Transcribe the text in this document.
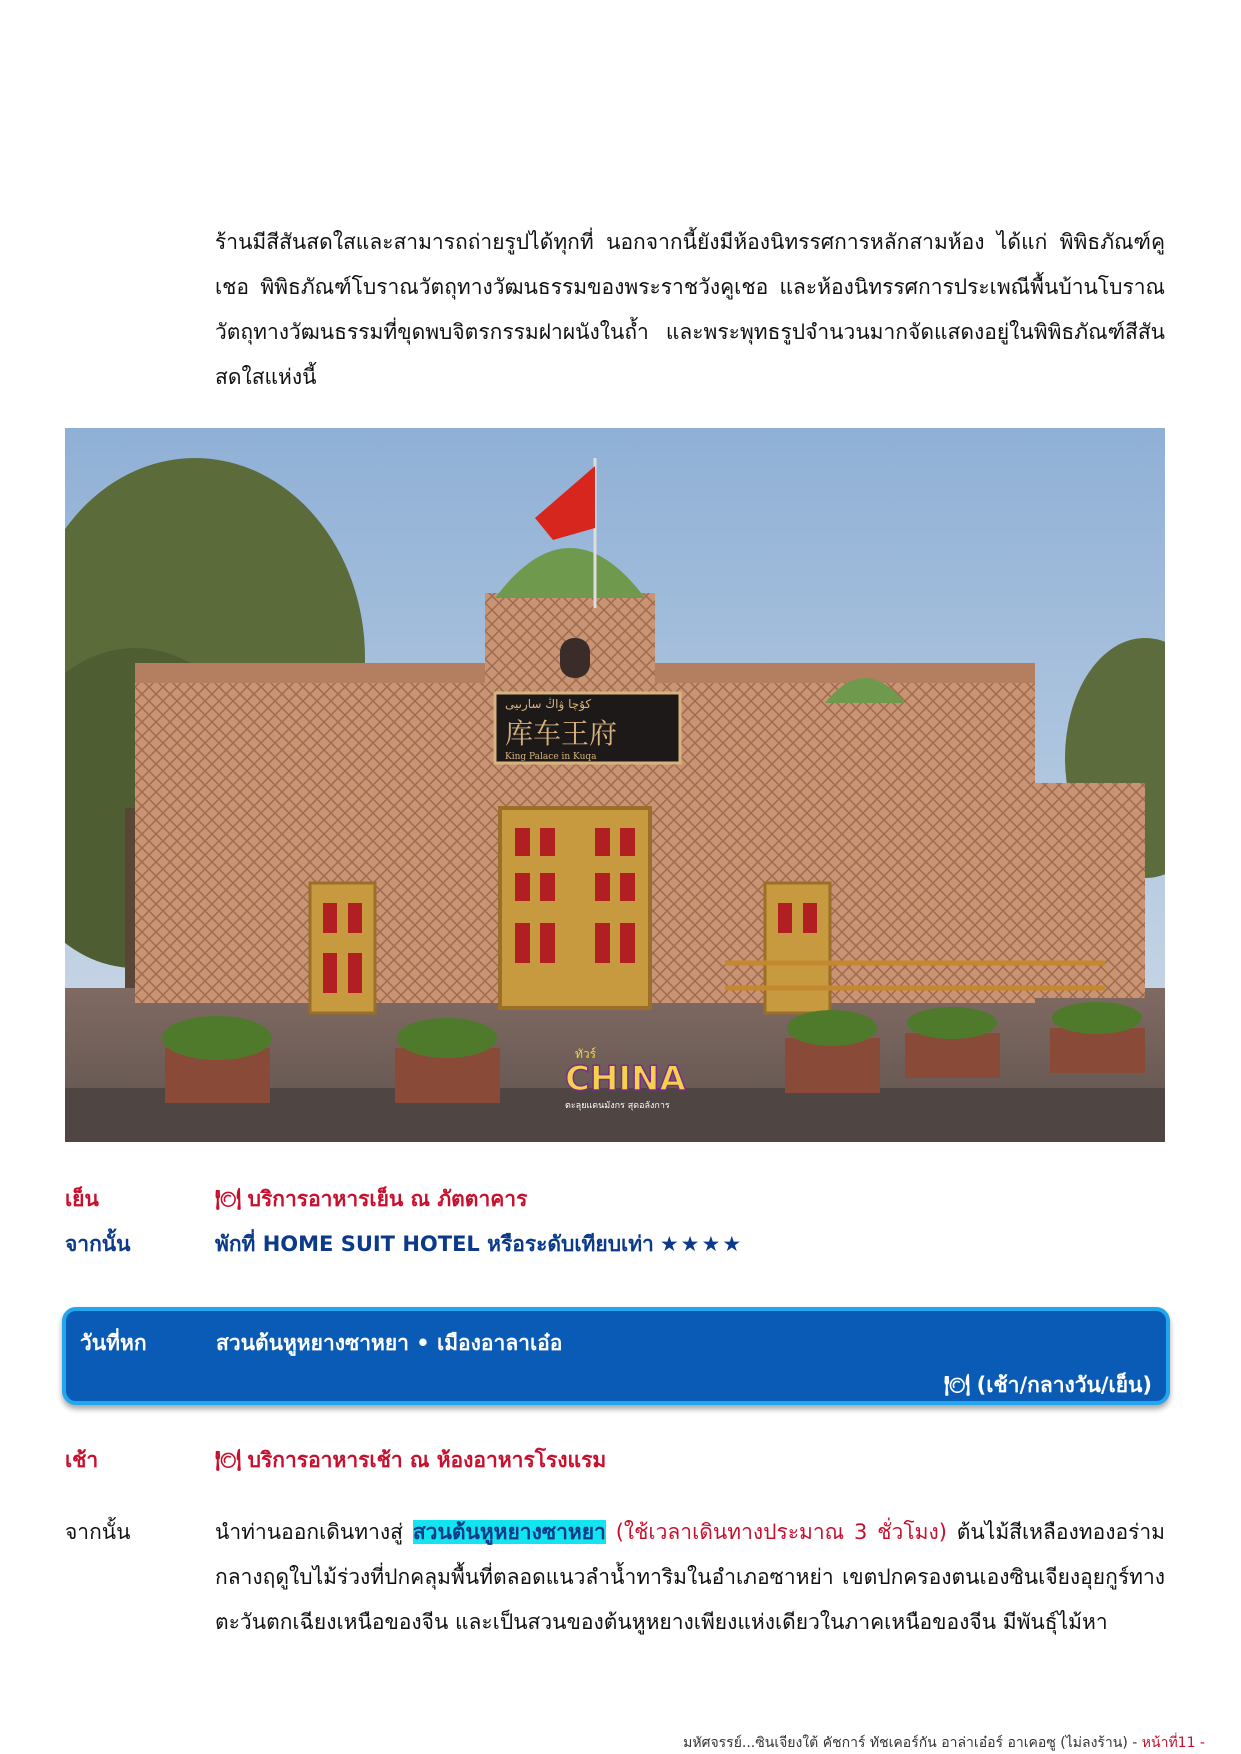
ร้านมีสีสันสดใสและสามารถถ่ายรูปได้ทุกที่ นอกจากนี้ยังมีห้องนิทรรศการหลักสามห้อง ได้แก่ พิพิธภัณฑ์คูเชอ พิพิธภัณฑ์โบราณวัตถุทางวัฒนธรรมของพระราชวังคูเชอ และห้องนิทรรศการประเพณีพื้นบ้านโบราณวัตถุทางวัฒนธรรมที่ขุดพบจิตรกรรมฝาผนังในถ้ำ และพระพุทธรูปจำนวนมากจัดแสดงอยู่ในพิพิธภัณฑ์สีสันสดใสแห่งนี้

كۇچا ۋاڭ سارىيى
库车王府
King Palace in Kuqa
ทัวร์
CHINA
ตะลุยแดนมังกร สุดอลังการ
เย็น	🍽 บริการอาหารเย็น ณ ภัตตาคาร
จากนั้น	พักที่ HOME SUIT HOTEL หรือระดับเทียบเท่า ★★★★
วันที่หก	สวนต้นหูหยางซาหยา • เมืองอาลาเอ๋อ
🍽 (เช้า/กลางวัน/เย็น)
เช้า	🍽 บริการอาหารเช้า ณ ห้องอาหารโรงแรม
จากนั้น	นำท่านออกเดินทางสู่ สวนต้นหูหยางซาหยา (ใช้เวลาเดินทางประมาณ 3 ชั่วโมง) ต้นไม้สีเหลืองทองอร่ามกลางฤดูใบไม้ร่วงที่ปกคลุมพื้นที่ตลอดแนวลำน้ำทาริมในอำเภอซาหย่า เขตปกครองตนเองซินเจียงอุยกูร์ทางตะวันตกเฉียงเหนือของจีน และเป็นสวนของต้นหูหยางเพียงแห่งเดียวในภาคเหนือของจีน มีพันธุ์ไม้หา

มหัศจรรย์...ซินเจียงใต้ คัชการ์ ทัชเคอร์กัน อาล่าเอ๋อร์ อาเคอซู (ไม่ลงร้าน) - หน้าที่11 -
